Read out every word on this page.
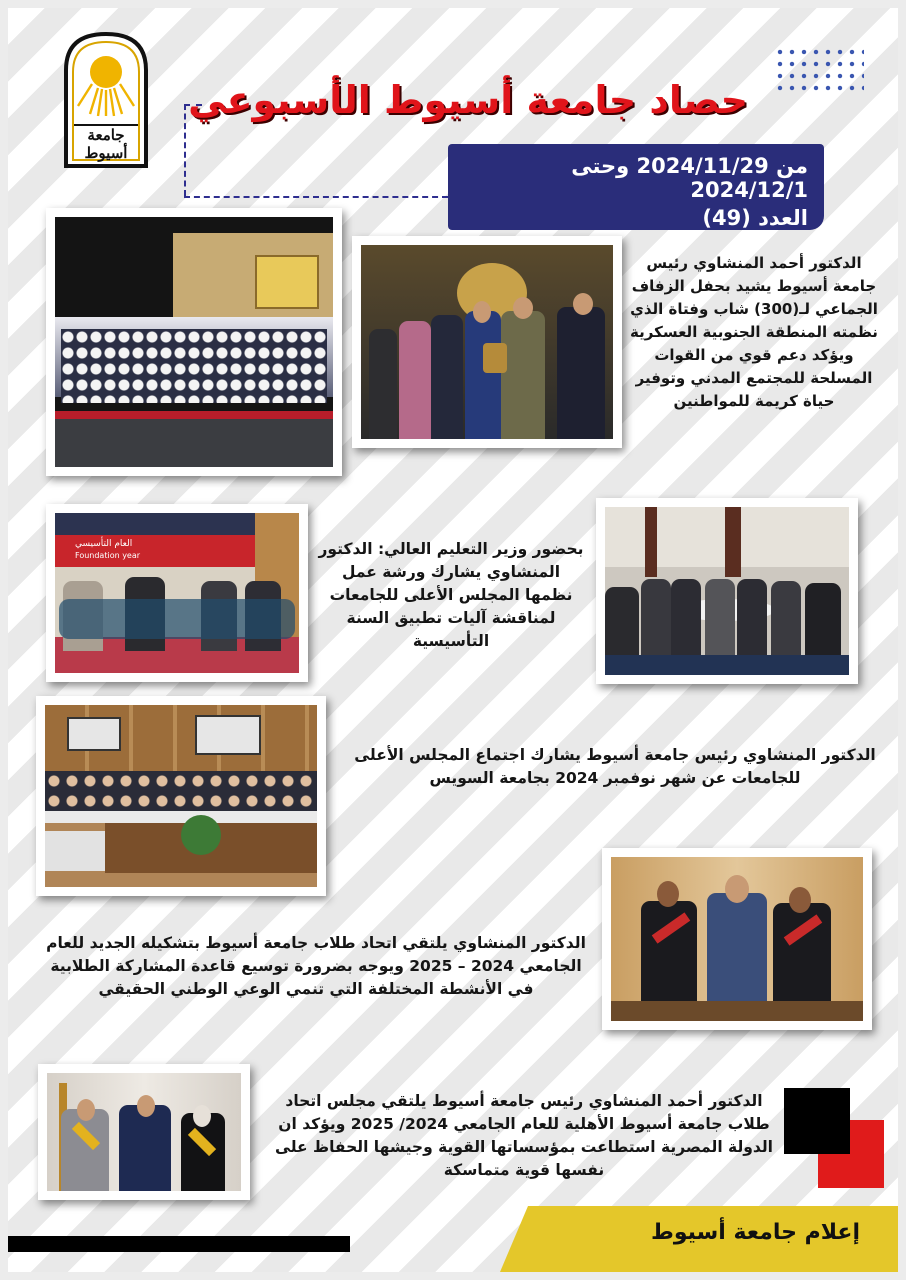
جامعة
أسيوط
حصاد جامعة أسيوط الأسبوعي
من 2024/11/29 وحتى 2024/12/1
العدد (49)
الدكتور أحمد المنشاوي رئيس جامعة أسيوط يشيد بحفل الزفاف الجماعي لـ(300) شاب وفتاة الذي نظمته المنطقة الجنوبية العسكرية ويؤكد دعم قوي من القوات المسلحة للمجتمع المدني وتوفير حياة كريمة للمواطنين
العام التأسيسي
Foundation year	بحضور وزير التعليم العالي: الدكتور المنشاوي يشارك ورشة عمل نظمها المجلس الأعلى للجامعات لمناقشة آليات تطبيق السنة التأسيسية
الدكتور المنشاوي رئيس جامعة أسيوط يشارك اجتماع المجلس الأعلى للجامعات عن شهر نوفمبر 2024 بجامعة السويس
الدكتور المنشاوي يلتقي اتحاد طلاب جامعة أسيوط بتشكيله الجديد للعام الجامعي 2024 – 2025 ويوجه بضرورة توسيع قاعدة المشاركة الطلابية في الأنشطة المختلفة التي تنمي الوعي الوطني الحقيقي
الدكتور أحمد المنشاوي رئيس جامعة أسيوط يلتقي مجلس اتحاد طلاب جامعة أسيوط الأهلية للعام الجامعي 2024/ 2025 ويؤكد ان الدولة المصرية استطاعت بمؤسساتها القوية وجيشها الحفاظ على نفسها قوية متماسكة
إعلام جامعة أسيوط
